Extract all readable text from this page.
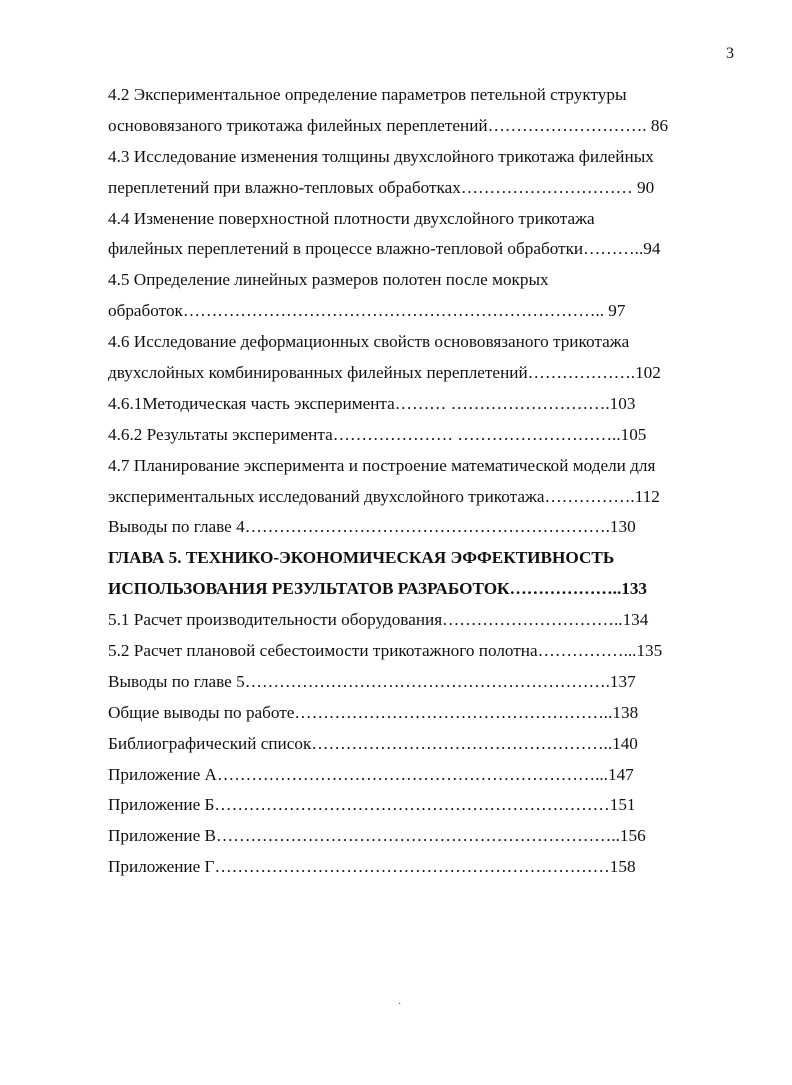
3
4.2 Экспериментальное определение параметров петельной структуры
основовязаного трикотажа филейных переплетений………………………. 86
4.3 Исследование изменения толщины двухслойного трикотажа филейных
переплетений при влажно-тепловых обработках………………………… 90
4.4 Изменение поверхностной плотности двухслойного трикотажа
филейных переплетений в процессе влажно-тепловой обработки………..94
4.5 Определение линейных размеров полотен после мокрых
обработок……………………………………………………………….. 97
4.6 Исследование деформационных свойств основовязаного трикотажа
двухслойных комбинированных филейных переплетений……………….102
4.6.1Методическая часть эксперимента……… ……………………….103
4.6.2 Результаты эксперимента………………… ………………………..105
4.7 Планирование эксперимента и построение математической модели для
экспериментальных исследований двухслойного трикотажа…………….112
Выводы по главе 4……………………………………………………….130
ГЛАВА 5. ТЕХНИКО-ЭКОНОМИЧЕСКАЯ ЭФФЕКТИВНОСТЬ
ИСПОЛЬЗОВАНИЯ РЕЗУЛЬТАТОВ РАЗРАБОТОК………………..133
5.1 Расчет производительности оборудования…………………………..134
5.2 Расчет плановой себестоимости трикотажного полотна……………...135
Выводы по главе 5……………………………………………………….137
Общие выводы по работе………………………………………………..138
Библиографический список……………………………………………..140
Приложение А…………………………………………………………...147
Приложение Б……………………………………………………………151
Приложение В……………………………………………………………..156
Приложение Г……………………………………………………………158
·
